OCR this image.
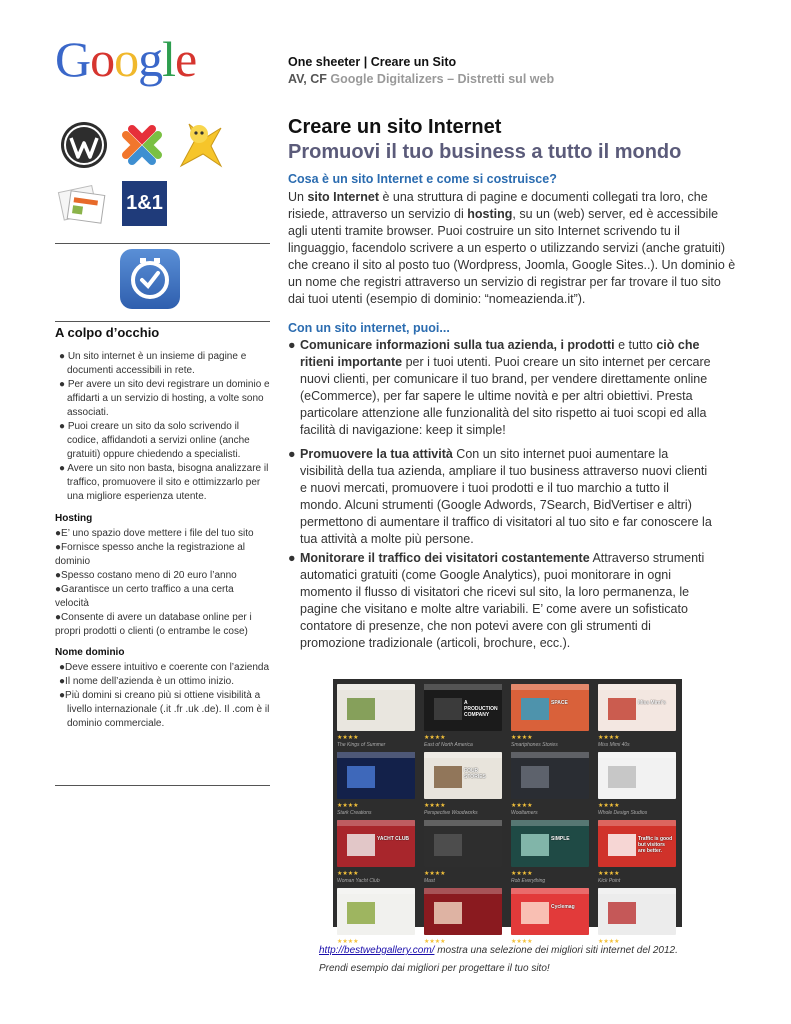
Google	One sheeter | Creare un Sito
AV, CF Google Digitalizers – Distretti sul web
1&1
A colpo d’occhio
● Un sito internet è un insieme di pagine e documenti accessibili in rete.
● Per avere un sito devi registrare un dominio e affidarti a un servizio di hosting, a volte sono associati.
● Puoi creare un sito da solo scrivendo il codice, affidandoti a servizi online (anche gratuiti) oppure chiedendo a specialisti.
● Avere un sito non basta, bisogna analizzare il traffico, promuovere il sito e ottimizzarlo per una migliore esperienza utente.
Hosting
●E’ uno spazio dove mettere i file del tuo sito
●Fornisce spesso anche la registrazione al dominio
●Spesso costano meno di 20 euro l’anno
●Garantisce un certo traffico a una certa velocità
●Consente di avere un database online per i propri prodotti o clienti (o entrambe le cose)
Nome dominio
●Deve essere intuitivo e coerente con l’azienda
●Il nome dell’azienda è un ottimo inizio.
●Più domini si creano più si ottiene visibilità a livello internazionale (.it .fr .uk .de). Il .com è il dominio commerciale.
Creare un sito Internet
Promuovi il tuo business a tutto il mondo
Cosa è un sito Internet e come si costruisce?
Un sito Internet è una struttura di pagine e documenti collegati tra loro, che risiede, attraverso un servizio di hosting, su un (web) server, ed è accessibile agli utenti tramite browser. Puoi costruire un sito Internet scrivendo tu il linguaggio, facendolo scrivere a un esperto o utilizzando servizi (anche gratuiti) che creano il sito al posto tuo (Wordpress, Joomla, Google Sites..). Un dominio è un nome che registri attraverso un servizio di registrar per far trovare il tuo sito dai tuoi utenti (esempio di dominio: “nomeazienda.it”).
Con un sito internet, puoi...
● Comunicare informazioni sulla tua azienda, i prodotti e tutto ciò che ritieni importante per i tuoi utenti. Puoi creare un sito internet per cercare nuovi clienti, per comunicare il tuo brand, per vendere direttamente online (eCommerce), per far sapere le ultime novità e per altri obiettivi. Presta particolare attenzione alle funzionalità del sito rispetto ai tuoi scopi ed alla facilità di navigazione: keep it simple!
● Promuovere la tua attività Con un sito internet puoi aumentare la visibilità della tua azienda, ampliare il tuo business attraverso nuovi clienti e nuovi mercati, promuovere i tuoi prodotti e il tuo marchio a tutto il mondo. Alcuni strumenti (Google Adwords, 7Search, BidVertiser e altri) permettono di aumentare il traffico di visitatori al tuo sito e far conoscere la tua attività a molte più persone.
● Monitorare il traffico dei visitatori costantemente Attraverso strumenti automatici gratuiti (come Google Analytics), puoi monitorare in ogni momento il flusso di visitatori che ricevi sul sito, la loro permanenza, le pagine che visitano e molte altre variabili. E’ come avere un sofisticato contatore di presenze, che non potevi avere con gli strumenti di promozione tradizionale (articoli, brochure, ecc.).
★★★★
The Kings of Summer
A PRODUCTION COMPANY
★★★★
East of North America
SPACE
★★★★
Smartphones Stories
Miss Mimi's
★★★★
Miss Mimi 40s
★★★★
Stark Creations
FOUR STORIES
★★★★
Perspective Woodworks
★★★★
Wooltamers
★★★★
Whole Design Studios
YACHT CLUB
★★★★
Woman Yacht Club
★★★★
Mast
SIMPLE
★★★★
Rob Everything
Traffic is good but visitors are better.
★★★★
Kick Point
★★★★	★★★★
Cyclemag
★★★★	★★★★
http://bestwebgallery.com/ mostra una selezione dei migliori siti internet del 2012.
Prendi esempio dai migliori per progettare il tuo sito!
